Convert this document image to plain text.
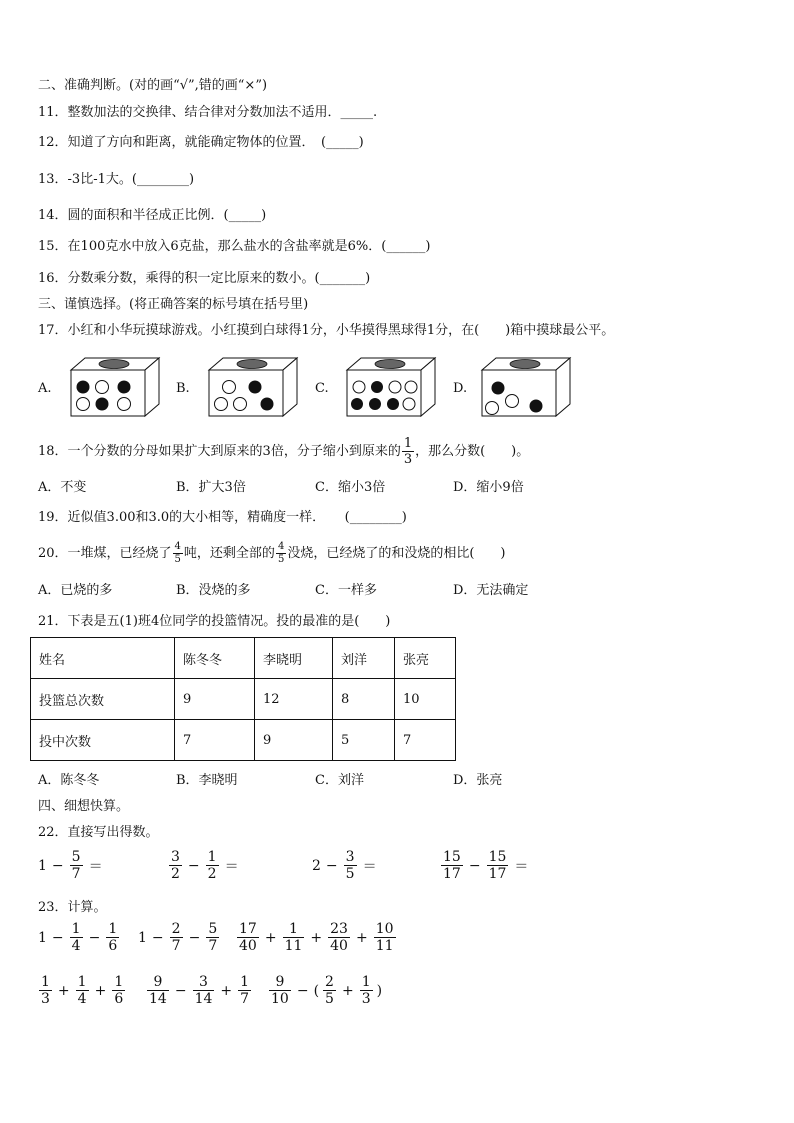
二、准确判断。(对的画“√”,错的画“×”)
11．整数加法的交换律、结合律对分数加法不适用．_____.
12．知道了方向和距离，就能确定物体的位置．　(_____)
13．-3比-1大。(________)
14．圆的面积和半径成正比例．(_____)
15．在100克水中放入6克盐，那么盐水的含盐率就是6%．(______)
16．分数乘分数，乘得的积一定比原来的数小。(_______)
三、谨慎选择。(将正确答案的标号填在括号里)
17．小红和小华玩摸球游戏。小红摸到白球得1分，小华摸得黑球得1分，在(　　)箱中摸球最公平。
A.	B.	C.	D.
18．一个分数的分母如果扩大到原来的3倍，分子缩小到原来的 $\frac{1}{3}$ ，那么分数(　　)。
A．不变	B．扩大3倍	C．缩小3倍	D．缩小9倍
19．近似值3.00和3.0的大小相等，精确度一样．　　(________)
20．一堆煤，已经烧了 $\frac{4}{5}$ 吨，还剩全部的 $\frac{4}{5}$ 没烧，已经烧了的和没烧的相比(　　)
A．已烧的多	B．没烧的多	C．一样多	D．无法确定
21．下表是五(1)班4位同学的投篮情况。投的最准的是(　　)
姓名	陈冬冬	李晓明	刘洋	张亮
投篮总次数	9	12	8	10
投中次数	7	9	5	7
A．陈冬冬	B．李晓明	C．刘洋	D．张亮
四、细想快算。
22．直接写出得数。
$1 - \frac{5}{7}$ ＝	$\frac{3}{2} - \frac{1}{2}$ ＝	$2 - \frac{3}{5}$ ＝	$\frac{15}{17} - \frac{15}{17}$ ＝
23．计算。
$1 - \frac{1}{4} - \frac{1}{6} 1 - \frac{2}{7} - \frac{5}{7} \frac{17}{40} + \frac{1}{11} + \frac{23}{40} + \frac{10}{11}$
$\frac{1}{3} + \frac{1}{4} + \frac{1}{6} \frac{9}{14} - \frac{3}{14} + \frac{1}{7} \frac{9}{10}$ − ( $\frac{2}{5} + \frac{1}{3}$ )
